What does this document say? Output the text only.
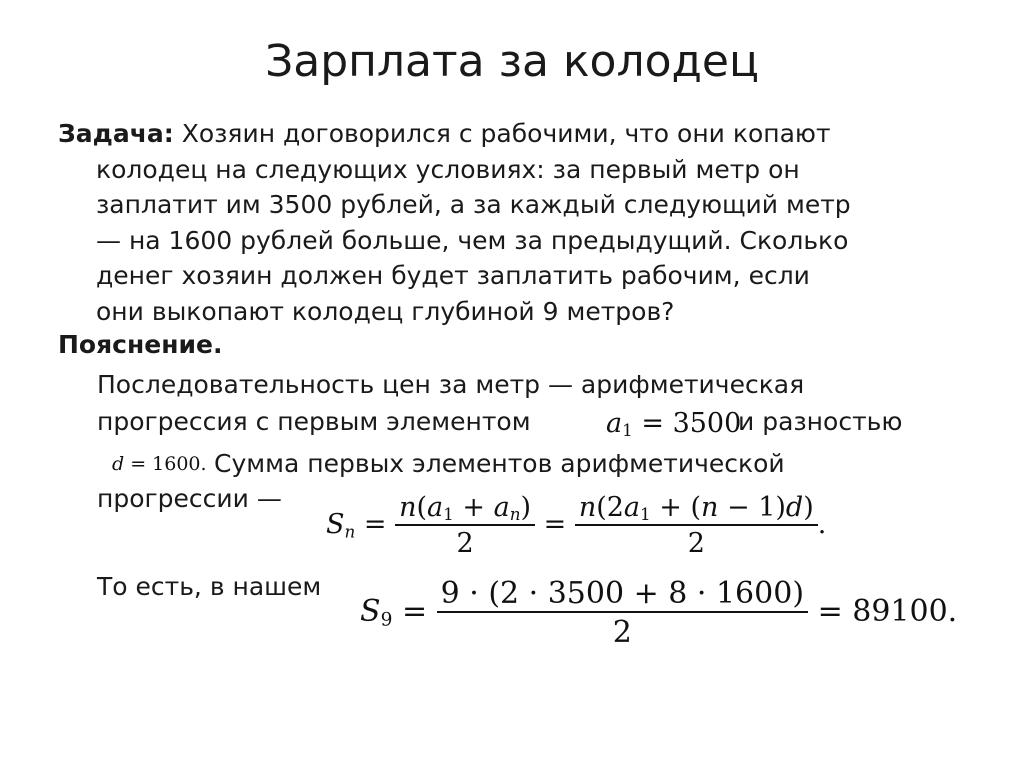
Зарплата за колодец
Задача: Хозяин договорился с рабочими, что они копают
колодец на следующих условиях: за первый метр он
заплатит им 3500 рублей, а за каждый следующий метр
— на 1600 рублей больше, чем за предыдущий. Сколько
денег хозяин должен будет заплатить рабочим, если
они выкопают колодец глубиной 9 метров?
Пояснение.
Последовательность цен за метр — арифметическая
прогрессия с первым элементом	$a_1 = 3500$
и разностью
d = 1600. Сумма первых элементов арифметической
прогрессии —
$S_n = \frac{n(a_1 + a_n)}{2} = \frac{n(2a_1 + (n - 1)d)}{2}$ .
То есть, в нашем
$S_9 = \frac{9 \cdot (2 \cdot 3500 + 8 \cdot 1600)}{2} = 89100$.
